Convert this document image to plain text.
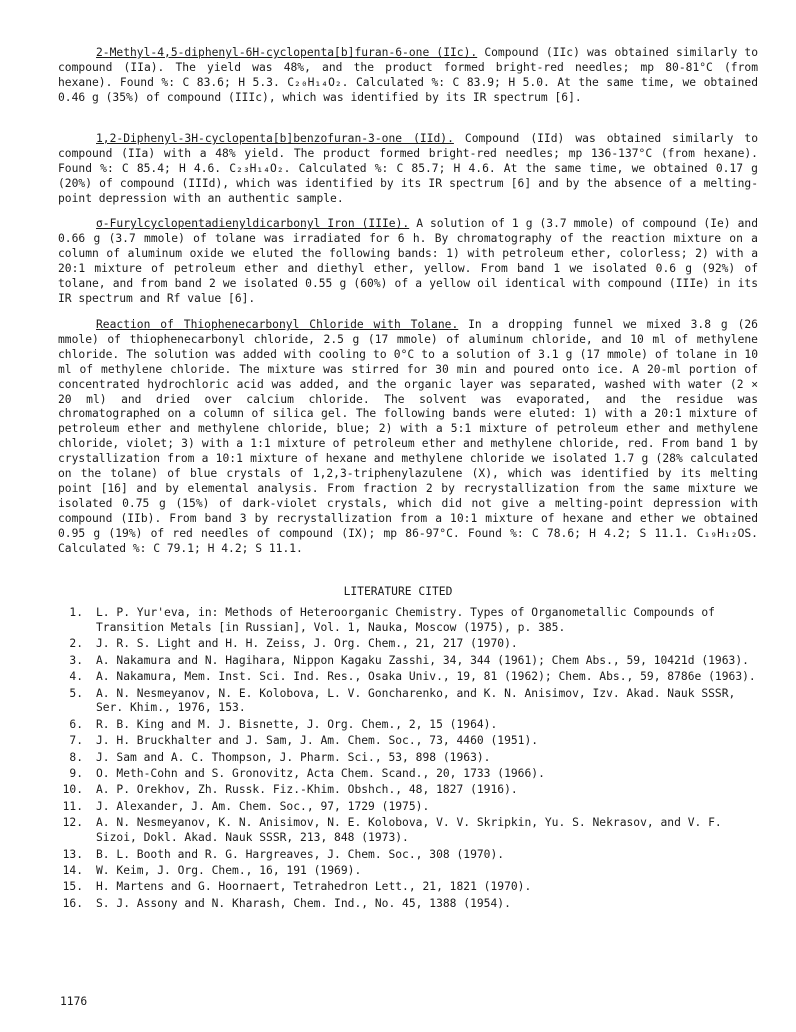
2-Methyl-4,5-diphenyl-6H-cyclopenta[b]furan-6-one (IIc). Compound (IIc) was obtained similarly to compound (IIa). The yield was 48%, and the product formed bright-red needles; mp 80-81°C (from hexane). Found %: C 83.6; H 5.3. C₂₀H₁₄O₂. Calculated %: C 83.9; H 5.0. At the same time, we obtained 0.46 g (35%) of compound (IIIc), which was identified by its IR spectrum [6].
1,2-Diphenyl-3H-cyclopenta[b]benzofuran-3-one (IId). Compound (IId) was obtained similarly to compound (IIa) with a 48% yield. The product formed bright-red needles; mp 136-137°C (from hexane). Found %: C 85.4; H 4.6. C₂₃H₁₄O₂. Calculated %: C 85.7; H 4.6. At the same time, we obtained 0.17 g (20%) of compound (IIId), which was identified by its IR spectrum [6] and by the absence of a melting-point depression with an authentic sample.
σ-Furylcyclopentadienyldicarbonyl Iron (IIIe). A solution of 1 g (3.7 mmole) of compound (Ie) and 0.66 g (3.7 mmole) of tolane was irradiated for 6 h. By chromatography of the reaction mixture on a column of aluminum oxide we eluted the following bands: 1) with petroleum ether, colorless; 2) with a 20:1 mixture of petroleum ether and diethyl ether, yellow. From band 1 we isolated 0.6 g (92%) of tolane, and from band 2 we isolated 0.55 g (60%) of a yellow oil identical with compound (IIIe) in its IR spectrum and Rf value [6].
Reaction of Thiophenecarbonyl Chloride with Tolane. In a dropping funnel we mixed 3.8 g (26 mmole) of thiophenecarbonyl chloride, 2.5 g (17 mmole) of aluminum chloride, and 10 ml of methylene chloride. The solution was added with cooling to 0°C to a solution of 3.1 g (17 mmole) of tolane in 10 ml of methylene chloride. The mixture was stirred for 30 min and poured onto ice. A 20-ml portion of concentrated hydrochloric acid was added, and the organic layer was separated, washed with water (2 × 20 ml) and dried over calcium chloride. The solvent was evaporated, and the residue was chromatographed on a column of silica gel. The following bands were eluted: 1) with a 20:1 mixture of petroleum ether and methylene chloride, blue; 2) with a 5:1 mixture of petroleum ether and methylene chloride, violet; 3) with a 1:1 mixture of petroleum ether and methylene chloride, red. From band 1 by crystallization from a 10:1 mixture of hexane and methylene chloride we isolated 1.7 g (28% calculated on the tolane) of blue crystals of 1,2,3-triphenylazulene (X), which was identified by its melting point [16] and by elemental analysis. From fraction 2 by recrystallization from the same mixture we isolated 0.75 g (15%) of dark-violet crystals, which did not give a melting-point depression with compound (IIb). From band 3 by recrystallization from a 10:1 mixture of hexane and ether we obtained 0.95 g (19%) of red needles of compound (IX); mp 86-97°C. Found %: C 78.6; H 4.2; S 11.1. C₁₉H₁₂OS. Calculated %: C 79.1; H 4.2; S 11.1.
LITERATURE CITED
1. L. P. Yur'eva, in: Methods of Heteroorganic Chemistry. Types of Organometallic Compounds of Transition Metals [in Russian], Vol. 1, Nauka, Moscow (1975), p. 385.
2. J. R. S. Light and H. H. Zeiss, J. Org. Chem., 21, 217 (1970).
3. A. Nakamura and N. Hagihara, Nippon Kagaku Zasshi, 34, 344 (1961); Chem Abs., 59, 10421d (1963).
4. A. Nakamura, Mem. Inst. Sci. Ind. Res., Osaka Univ., 19, 81 (1962); Chem. Abs., 59, 8786e (1963).
5. A. N. Nesmeyanov, N. E. Kolobova, L. V. Goncharenko, and K. N. Anisimov, Izv. Akad. Nauk SSSR, Ser. Khim., 1976, 153.
6. R. B. King and M. J. Bisnette, J. Org. Chem., 2, 15 (1964).
7. J. H. Bruckhalter and J. Sam, J. Am. Chem. Soc., 73, 4460 (1951).
8. J. Sam and A. C. Thompson, J. Pharm. Sci., 53, 898 (1963).
9. O. Meth-Cohn and S. Gronovitz, Acta Chem. Scand., 20, 1733 (1966).
10. A. P. Orekhov, Zh. Russk. Fiz.-Khim. Obshch., 48, 1827 (1916).
11. J. Alexander, J. Am. Chem. Soc., 97, 1729 (1975).
12. A. N. Nesmeyanov, K. N. Anisimov, N. E. Kolobova, V. V. Skripkin, Yu. S. Nekrasov, and V. F. Sizoi, Dokl. Akad. Nauk SSSR, 213, 848 (1973).
13. B. L. Booth and R. G. Hargreaves, J. Chem. Soc., 308 (1970).
14. W. Keim, J. Org. Chem., 16, 191 (1969).
15. H. Martens and G. Hoornaert, Tetrahedron Lett., 21, 1821 (1970).
16. S. J. Assony and N. Kharash, Chem. Ind., No. 45, 1388 (1954).
1176
